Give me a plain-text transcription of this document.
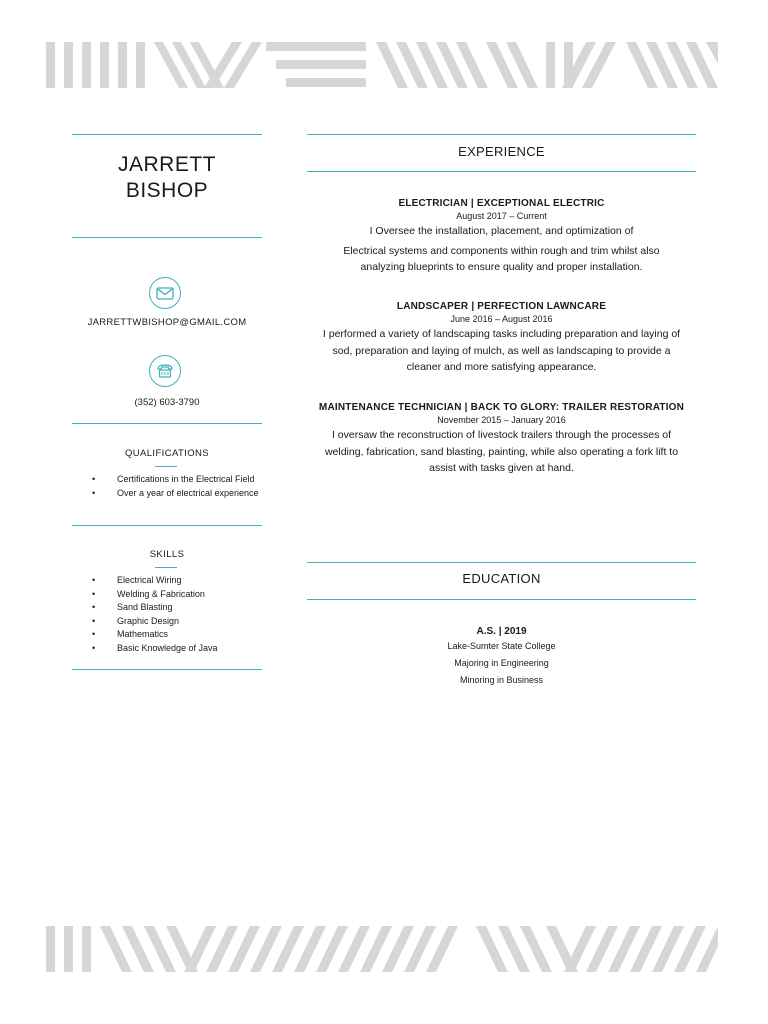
JARRETT
BISHOP
JARRETTWBISHOP@GMAIL.COM
(352) 603-3790
QUALIFICATIONS
• Certifications in the Electrical Field
• Over a year of electrical experience
SKILLS
• Electrical Wiring
• Welding & Fabrication
• Sand Blasting
• Graphic Design
• Mathematics
• Basic Knowledge of Java
EXPERIENCE
ELECTRICIAN | EXCEPTIONAL ELECTRIC
August 2017 – Current
I Oversee the installation, placement, and optimization of
Electrical systems and components within rough and trim whilst also
analyzing blueprints to ensure quality and proper installation.
LANDSCAPER | PERFECTION LAWNCARE
June 2016 – August 2016
I performed a variety of landscaping tasks including preparation and laying of
sod, preparation and laying of mulch, as well as landscaping to provide a
cleaner and more satisfying appearance.
MAINTENANCE TECHNICIAN | BACK TO GLORY: TRAILER RESTORATION
November 2015 – January 2016
I oversaw the reconstruction of livestock trailers through the processes of
welding, fabrication, sand blasting, painting, while also operating a fork lift to
assist with tasks given at hand.
EDUCATION
A.S. | 2019
Lake-Sumter State College
Majoring in Engineering
Minoring in Business
